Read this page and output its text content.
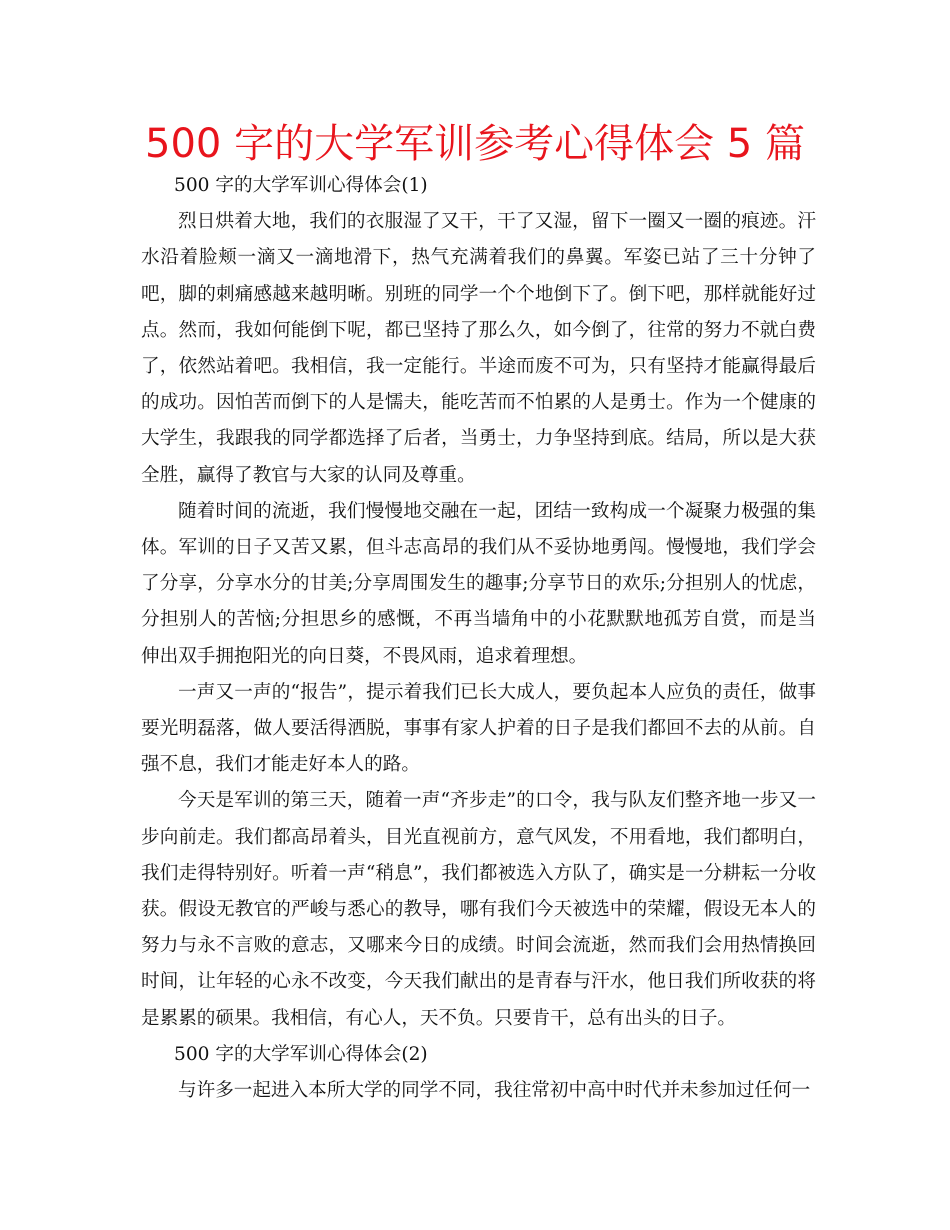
500 字的大学军训参考心得体会 5 篇

500 字的大学军训心得体会(1)

烈日烘着大地，我们的衣服湿了又干，干了又湿，留下一圈又一圈的痕迹。汗水沿着脸颊一滴又一滴地滑下，热气充满着我们的鼻翼。军姿已站了三十分钟了吧，脚的刺痛感越来越明晰。别班的同学一个个地倒下了。倒下吧，那样就能好过点。然而，我如何能倒下呢，都已坚持了那么久，如今倒了，往常的努力不就白费了，依然站着吧。我相信，我一定能行。半途而废不可为，只有坚持才能赢得最后的成功。因怕苦而倒下的人是懦夫，能吃苦而不怕累的人是勇士。作为一个健康的大学生，我跟我的同学都选择了后者，当勇士，力争坚持到底。结局，所以是大获全胜，赢得了教官与大家的认同及尊重。

随着时间的流逝，我们慢慢地交融在一起，团结一致构成一个凝聚力极强的集体。军训的日子又苦又累，但斗志高昂的我们从不妥协地勇闯。慢慢地，我们学会了分享，分享水分的甘美;分享周围发生的趣事;分享节日的欢乐;分担别人的忧虑，分担别人的苦恼;分担思乡的感慨，不再当墙角中的小花默默地孤芳自赏，而是当伸出双手拥抱阳光的向日葵，不畏风雨，追求着理想。

一声又一声的“报告”，提示着我们已长大成人，要负起本人应负的责任，做事要光明磊落，做人要活得洒脱，事事有家人护着的日子是我们都回不去的从前。自强不息，我们才能走好本人的路。

今天是军训的第三天，随着一声“齐步走”的口令，我与队友们整齐地一步又一步向前走。我们都高昂着头，目光直视前方，意气风发，不用看地，我们都明白，我们走得特别好。听着一声“稍息”，我们都被选入方队了，确实是一分耕耘一分收获。假设无教官的严峻与悉心的教导，哪有我们今天被选中的荣耀，假设无本人的努力与永不言败的意志，又哪来今日的成绩。时间会流逝，然而我们会用热情换回时间，让年轻的心永不改变，今天我们献出的是青春与汗水，他日我们所收获的将是累累的硕果。我相信，有心人，天不负。只要肯干，总有出头的日子。

500 字的大学军训心得体会(2)

与许多一起进入本所大学的同学不同，我往常初中高中时代并未参加过任何一
